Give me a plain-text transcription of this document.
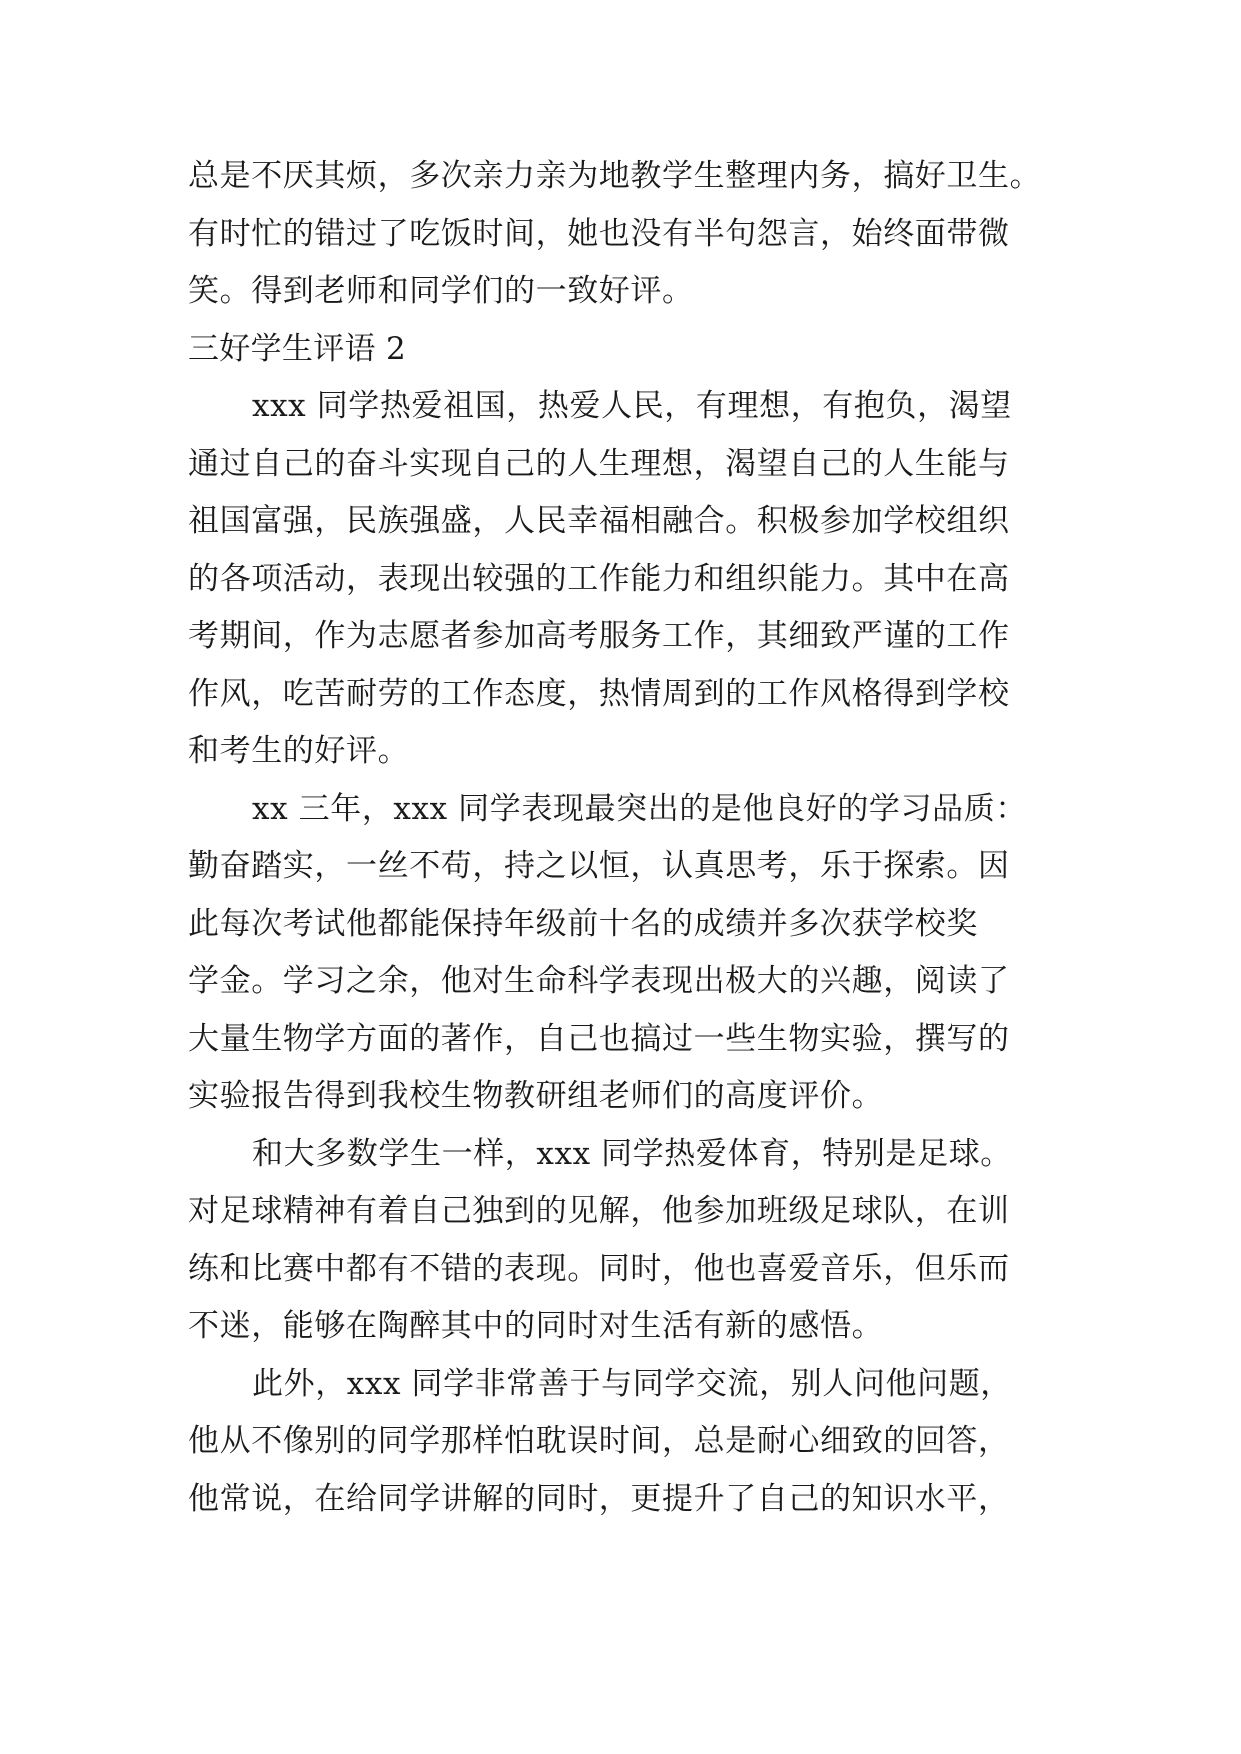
总是不厌其烦，多次亲力亲为地教学生整理内务，搞好卫生。
有时忙的错过了吃饭时间，她也没有半句怨言，始终面带微
笑。得到老师和同学们的一致好评。
三好学生评语 2
xxx 同学热爱祖国，热爱人民，有理想，有抱负，渴望
通过自己的奋斗实现自己的人生理想，渴望自己的人生能与
祖国富强，民族强盛，人民幸福相融合。积极参加学校组织
的各项活动，表现出较强的工作能力和组织能力。其中在高
考期间，作为志愿者参加高考服务工作，其细致严谨的工作
作风，吃苦耐劳的工作态度，热情周到的工作风格得到学校
和考生的好评。
xx 三年，xxx 同学表现最突出的是他良好的学习品质：
勤奋踏实，一丝不苟，持之以恒，认真思考，乐于探索。因
此每次考试他都能保持年级前十名的成绩并多次获学校奖
学金。学习之余，他对生命科学表现出极大的兴趣，阅读了
大量生物学方面的著作，自己也搞过一些生物实验，撰写的
实验报告得到我校生物教研组老师们的高度评价。
和大多数学生一样，xxx 同学热爱体育，特别是足球。
对足球精神有着自己独到的见解，他参加班级足球队，在训
练和比赛中都有不错的表现。同时，他也喜爱音乐，但乐而
不迷，能够在陶醉其中的同时对生活有新的感悟。
此外，xxx 同学非常善于与同学交流，别人问他问题，
他从不像别的同学那样怕耽误时间，总是耐心细致的回答，
他常说，在给同学讲解的同时，更提升了自己的知识水平，
